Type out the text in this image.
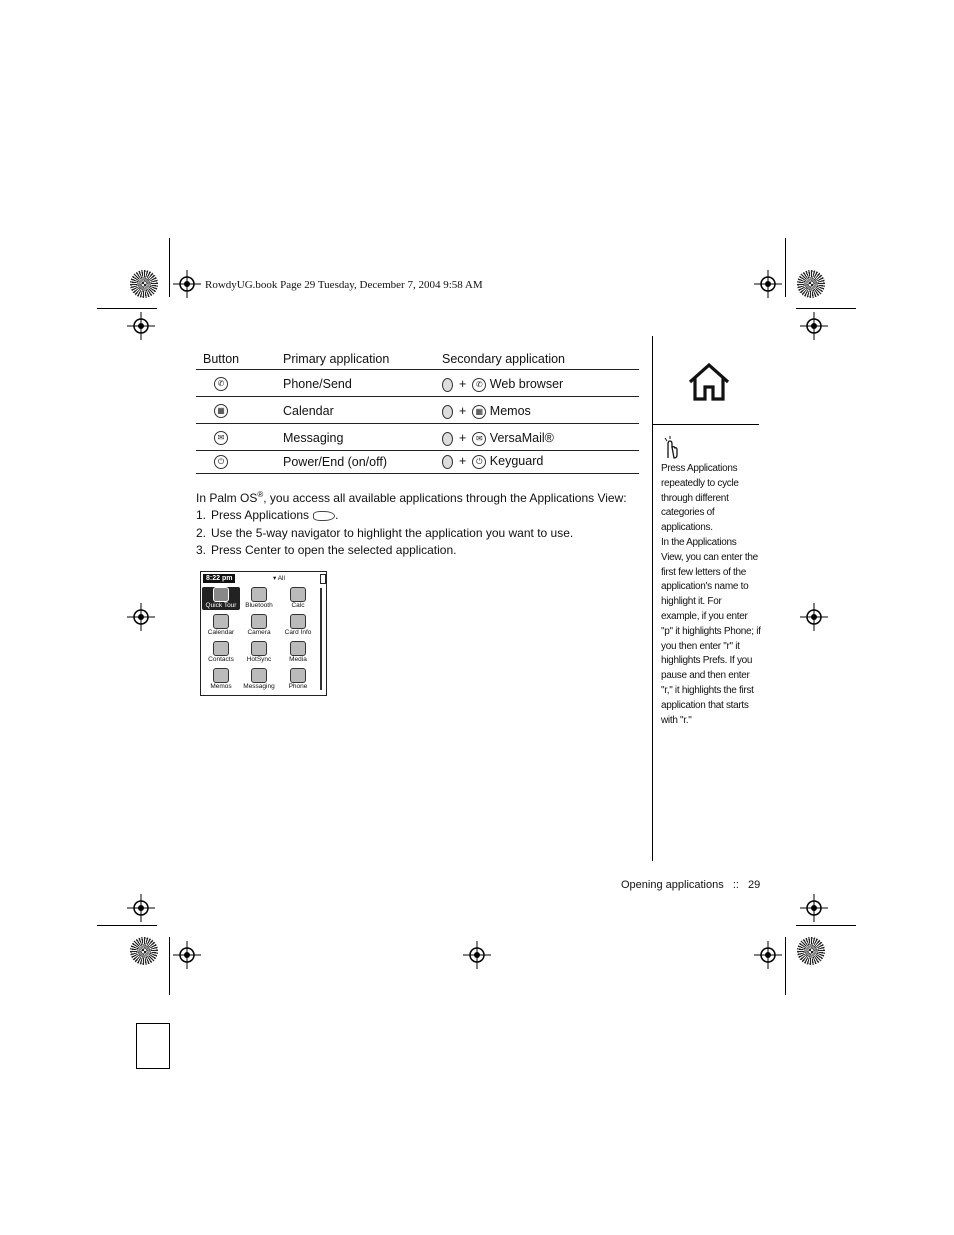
RowdyUG.book Page 29 Tuesday, December 7, 2004 9:58 AM
Press Applications repeatedly to cycle through different categories of applications.
In the Applications View, you can enter the first few letters of the application's name to highlight it. For example, if you enter "p" it highlights Phone; if you then enter "r" it highlights Prefs. If you pause and then enter "r," it highlights the first application that starts with "r."
Button	Primary application	Secondary application
✆	Phone/Send	+ ✆ Web browser
▦	Calendar	+ ▦ Memos
✉	Messaging	+ ✉ VersaMail®
⏻	Power/End (on/off)	+ ⏻ Keyguard
In Palm OS®, you access all available applications through the Applications View:
1. Press Applications .
2. Use the 5-way navigator to highlight the application you want to use.
3. Press Center to open the selected application.
8:22 pm	▾ All
Quick Tour	Bluetooth	Calc
Calendar	Camera	Card Info
Contacts	HotSync	Media
Memos	Messaging	Phone
Opening applications :: 29
